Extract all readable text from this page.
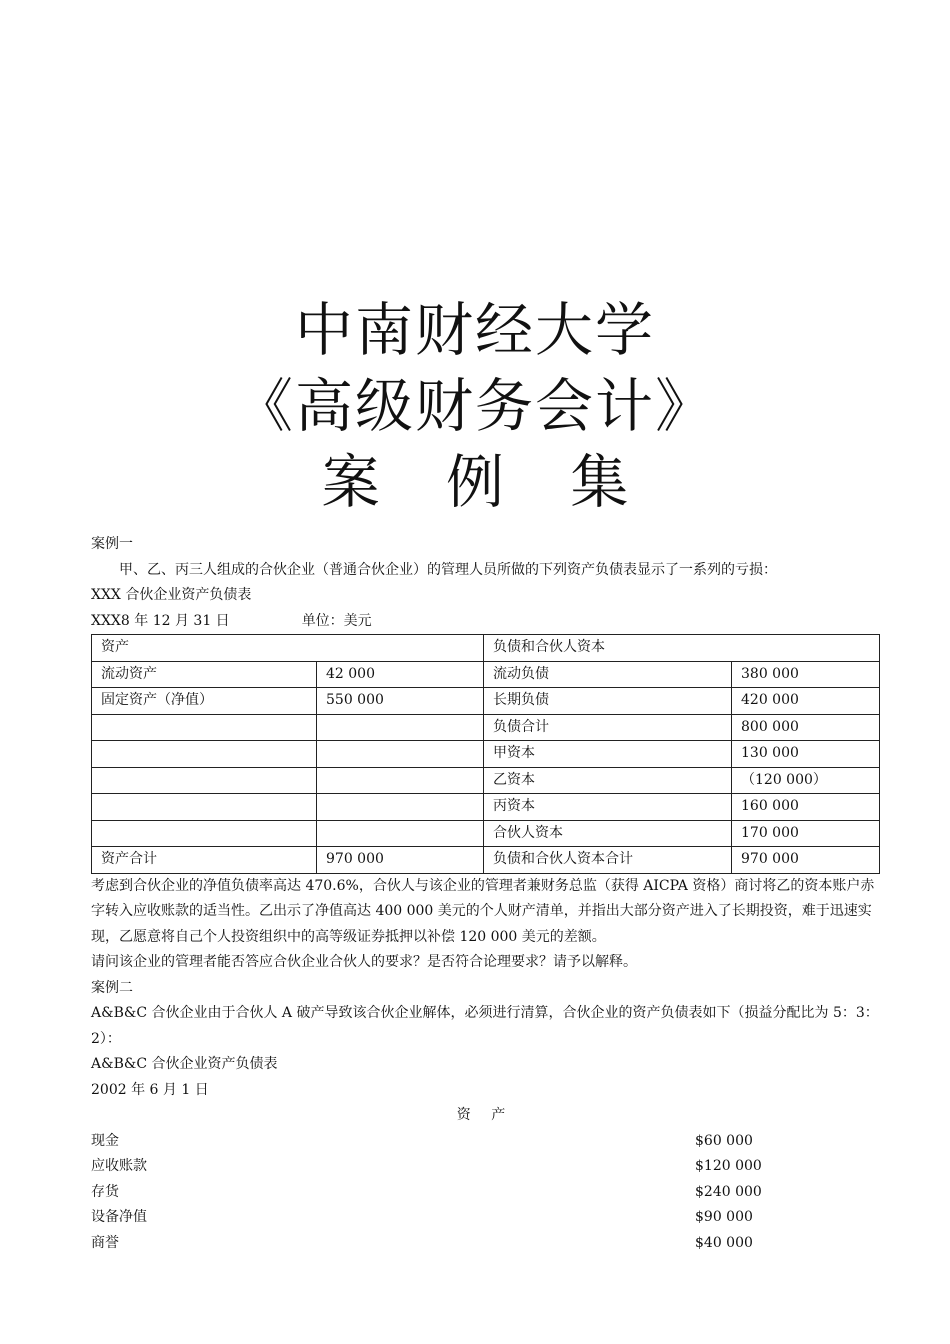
中南财经大学
《高级财务会计》
案 例 集

案例一

甲、乙、丙三人组成的合伙企业（普通合伙企业）的管理人员所做的下列资产负债表显示了一系列的亏损：

XXX 合伙企业资产负债表

XXX8 年 12 月 31 日	单位：美元

资产		负债和合伙人资本	
流动资产	42 000	流动负债	380 000
固定资产（净值）	550 000	长期负债	420 000
		负债合计	800 000
		甲资本	130 000
		乙资本	（120 000）
		丙资本	160 000
		合伙人资本	170 000
资产合计	970 000	负债和合伙人资本合计	970 000

考虑到合伙企业的净值负债率高达 470.6%，合伙人与该企业的管理者兼财务总监（获得 AICPA 资格）商讨将乙的资本账户赤字转入应收账款的适当性。乙出示了净值高达 400 000 美元的个人财产清单，并指出大部分资产进入了长期投资，难于迅速实现，乙愿意将自己个人投资组织中的高等级证券抵押以补偿 120 000 美元的差额。

请问该企业的管理者能否答应合伙企业合伙人的要求？是否符合论理要求？请予以解释。

案例二

A&B&C 合伙企业由于合伙人 A 破产导致该合伙企业解体，必须进行清算，合伙企业的资产负债表如下（损益分配比为 5：3：2）：

A&B&C 合伙企业资产负债表

2002 年 6 月 1 日

资 产

现金	$60 000
应收账款	$120 000
存货	$240 000
设备净值	$90 000
商誉	$40 000
